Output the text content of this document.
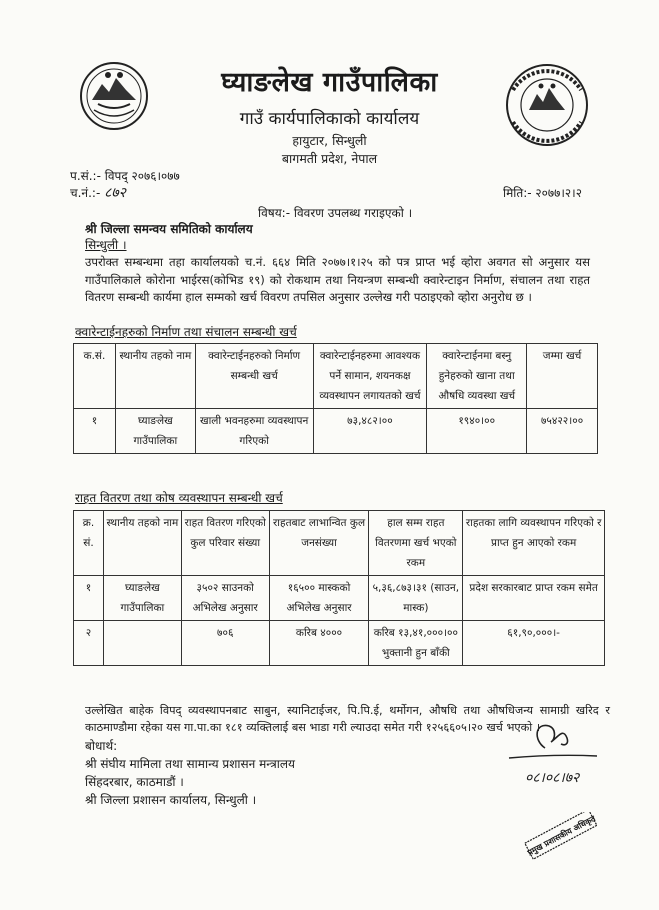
घ्याङलेख गाउँपालिका
गाउँ कार्यपालिकाको कार्यालय
हायुटार, सिन्धुली
बागमती प्रदेश, नेपाल
प.सं.:- विपद् २०७६।०७७
च.नं.:- ८७२	मिति:- २०७७।२।२
विषय:- विवरण उपलब्ध गराइएको ।
श्री जिल्ला समन्वय समितिको कार्यालय
सिन्धुली ।
उपरोक्त सम्बन्धमा तहा कार्यालयको च.नं. ६६४ मिति २०७७।१।२५ को पत्र प्राप्त भई व्होरा अवगत सो अनुसार यस गाउँपालिकाले कोरोना भाईरस(कोभिड १९) को रोकथाम तथा नियन्त्रण सम्बन्धी क्वारेन्टाइन निर्माण, संचालन तथा राहत वितरण सम्बन्धी कार्यमा हाल सम्मको खर्च विवरण तपसिल अनुसार उल्लेख गरी पठाइएको व्होरा अनुरोध छ ।
क्वारेन्टाईनहरुको निर्माण तथा संचालन सम्बन्धी खर्च
क.सं.	स्थानीय तहको नाम	क्वारेन्टाईनहरुको निर्माण सम्बन्धी खर्च	क्वारेन्टाईनहरुमा आवश्यक पर्ने सामान, शयनकक्ष व्यवस्थापन लगायतको खर्च	क्वारेन्टाईनमा बस्नु हुनेहरुको खाना तथा औषधि व्यवस्था खर्च	जम्मा खर्च
१	घ्याङलेख गाउँपालिका	खाली भवनहरुमा व्यवस्थापन गरिएको	७३,४८२।००	१९४०।००	७५४२२।००
राहत वितरण तथा कोष व्यवस्थापन सम्बन्धी खर्च
क्र. सं.	स्थानीय तहको नाम	राहत वितरण गरिएको कुल परिवार संख्या	राहतबाट लाभान्वित कुल जनसंख्या	हाल सम्म राहत वितरणमा खर्च भएको रकम	राहतका लागि व्यवस्थापन गरिएको र प्राप्त हुन आएको रकम
१	घ्याङलेख गाउँपालिका	३५०२ साउनको अभिलेख अनुसार	१६५०० मास्कको अभिलेख अनुसार	५,३६,८७३।३१ (साउन, मास्क)	प्रदेश सरकारबाट प्राप्त रकम समेत
२		७०६	करिब ४०००	करिब १३,४१,०००।०० भुक्तानी हुन बाँकी	६१,९०,०००।-
उल्लेखित बाहेक विपद् व्यवस्थापनबाट साबुन, स्यानिटाईजर, पि.पि.ई, थर्मोगन, औषधि तथा औषधिजन्य सामाग्री खरिद र काठमाण्डौमा रहेका यस गा.पा.का १८१ व्यक्तिलाई बस भाडा गरी ल्याउदा समेत गरी १२५६६०५।२० खर्च भएको ।
बोधार्थ:
श्री संघीय मामिला तथा सामान्य प्रशासन मन्त्रालय
सिंहदरबार, काठमाडौं ।
श्री जिल्ला प्रशासन कार्यालय, सिन्धुली ।
०८।०८।७२
प्रमुख प्रशासकीय अधिकृत
